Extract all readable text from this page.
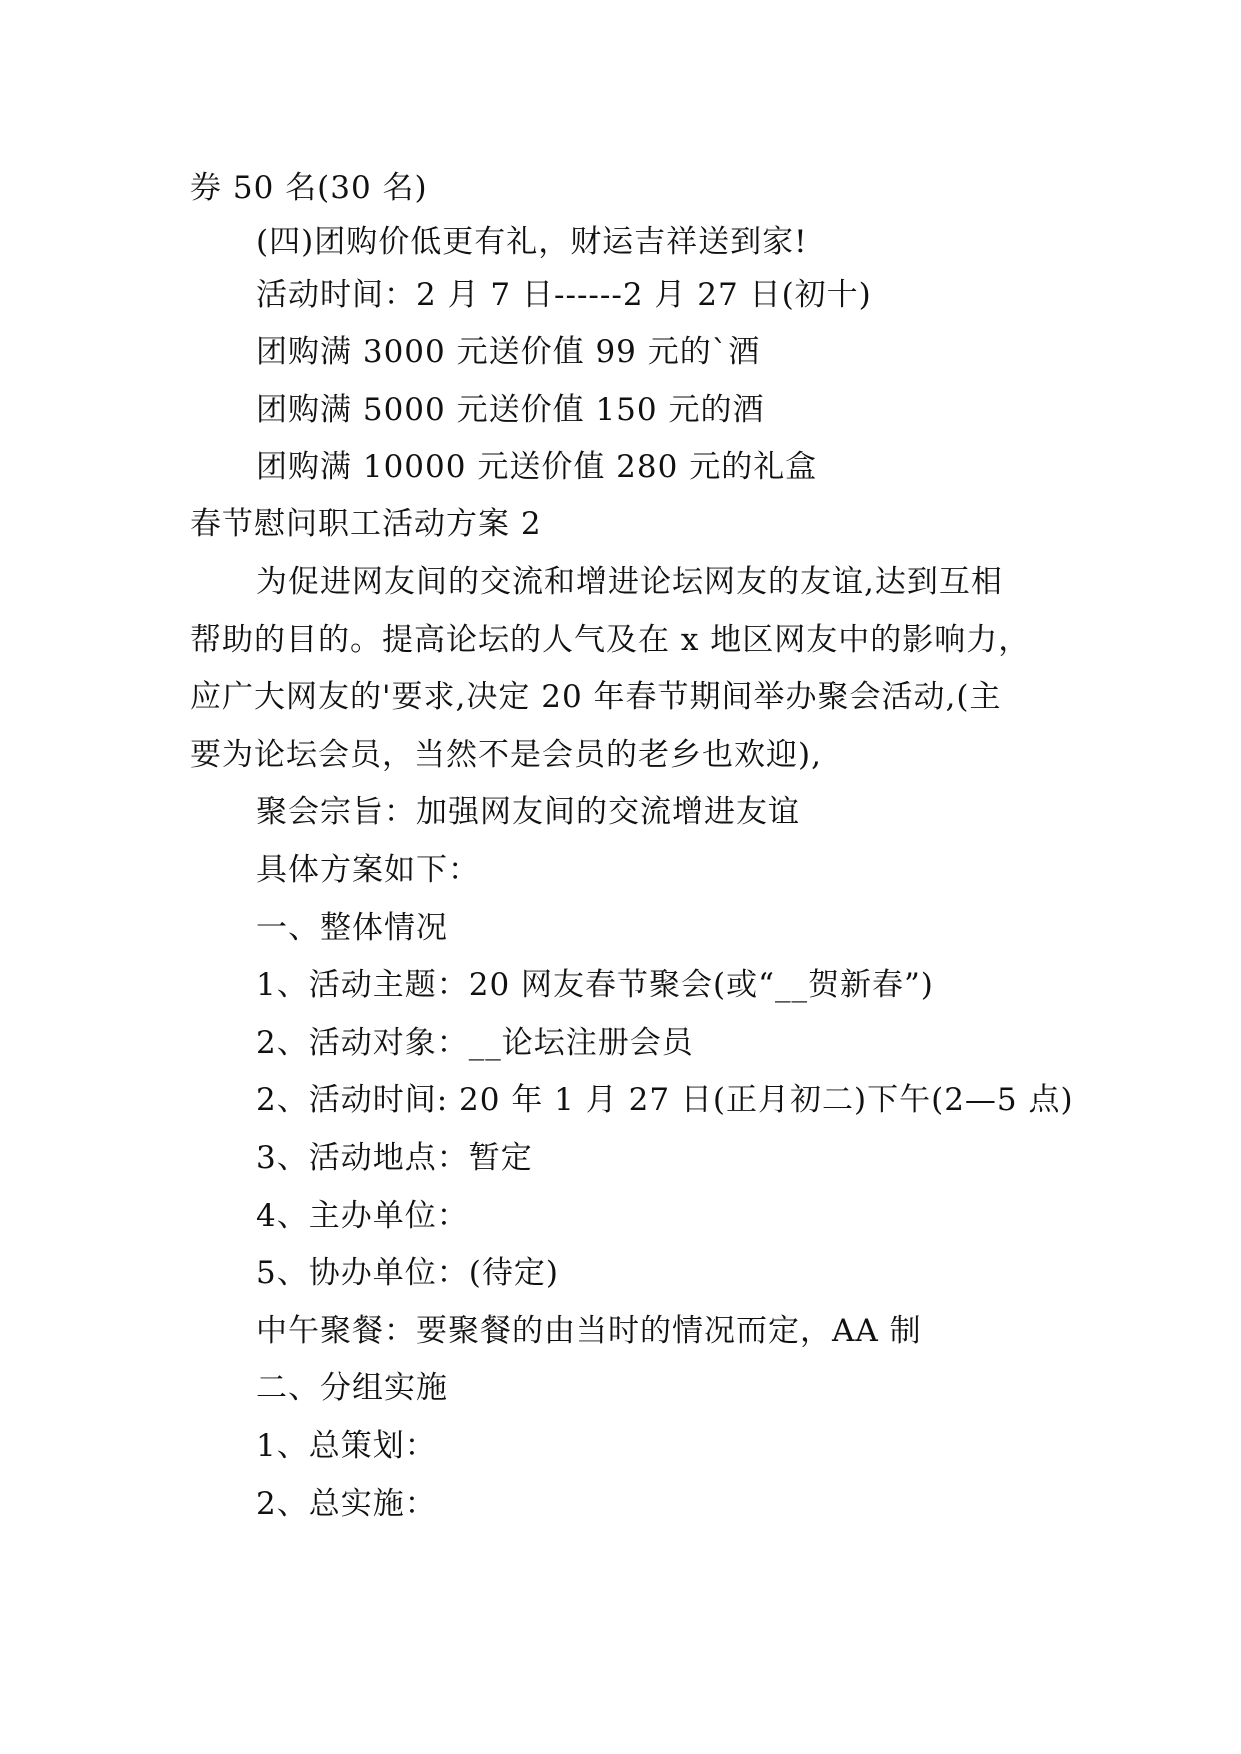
券 50 名(30 名)
(四)团购价低更有礼，财运吉祥送到家!
活动时间：2 月 7 日------2 月 27 日(初十)
团购满 3000 元送价值 99 元的`酒
团购满 5000 元送价值 150 元的酒
团购满 10000 元送价值 280 元的礼盒
春节慰问职工活动方案 2
为促进网友间的交流和增进论坛网友的友谊,达到互相
帮助的目的。提高论坛的人气及在 x 地区网友中的影响力，
应广大网友的'要求,决定 20 年春节期间举办聚会活动,(主
要为论坛会员，当然不是会员的老乡也欢迎),
聚会宗旨：加强网友间的交流增进友谊
具体方案如下：
一、整体情况
1、活动主题：20 网友春节聚会(或“__贺新春”)
2、活动对象：__论坛注册会员
2、活动时间: 20 年 1 月 27 日(正月初二)下午(2—5 点)
3、活动地点：暂定
4、主办单位：
5、协办单位：(待定)
中午聚餐：要聚餐的由当时的情况而定，AA 制
二、分组实施
1、总策划：
2、总实施：
